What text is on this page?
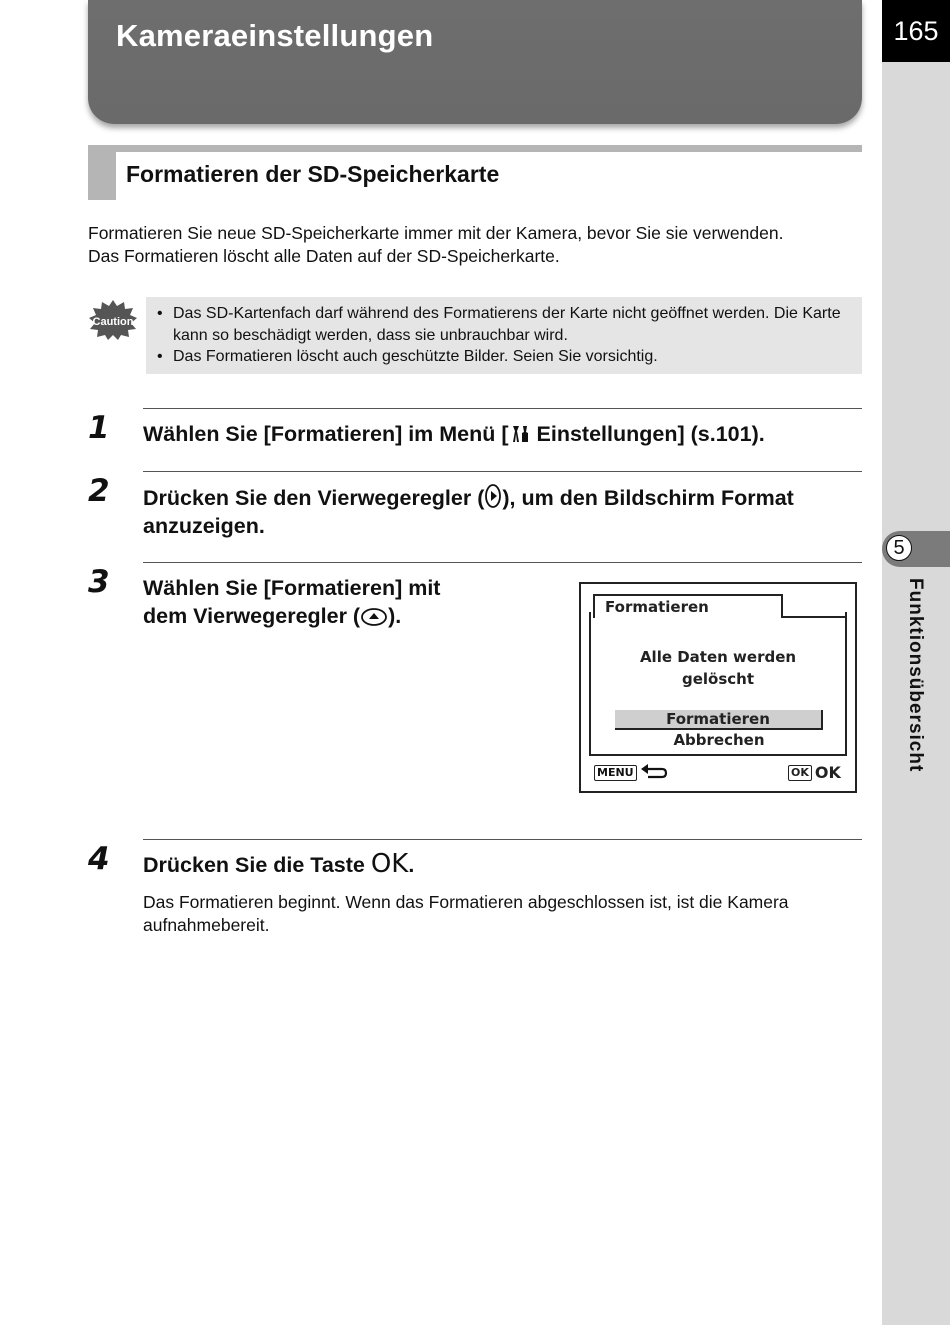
Kameraeinstellungen	165
5
Funktionsübersicht
Formatieren der SD-Speicherkarte

Formatieren Sie neue SD-Speicherkarte immer mit der Kamera, bevor Sie sie verwenden.

Das Formatieren löscht alle Daten auf der SD-Speicherkarte.

Caution
•	Das SD-Kartenfach darf während des Formatierens der Karte nicht geöffnet werden. Die Karte kann so beschädigt werden, dass sie unbrauchbar wird.
• Das Formatieren löscht auch geschützte Bilder. Seien Sie vorsichtig.
1 Wählen Sie [Formatieren] im Menü [ Einstellungen] (s.101).
2 Drücken Sie den Vierwegeregler ( ), um den Bildschirm Format anzuzeigen.
3 Wählen Sie [Formatieren] mit
dem Vierwegeregler ( ).	Formatieren
Alle Daten werden
gelöscht
Formatieren
Abbrechen
MENU	OK OK
4 Drücken Sie die Taste OK.

Das Formatieren beginnt. Wenn das Formatieren abgeschlossen ist, ist die Kamera aufnahmebereit.
